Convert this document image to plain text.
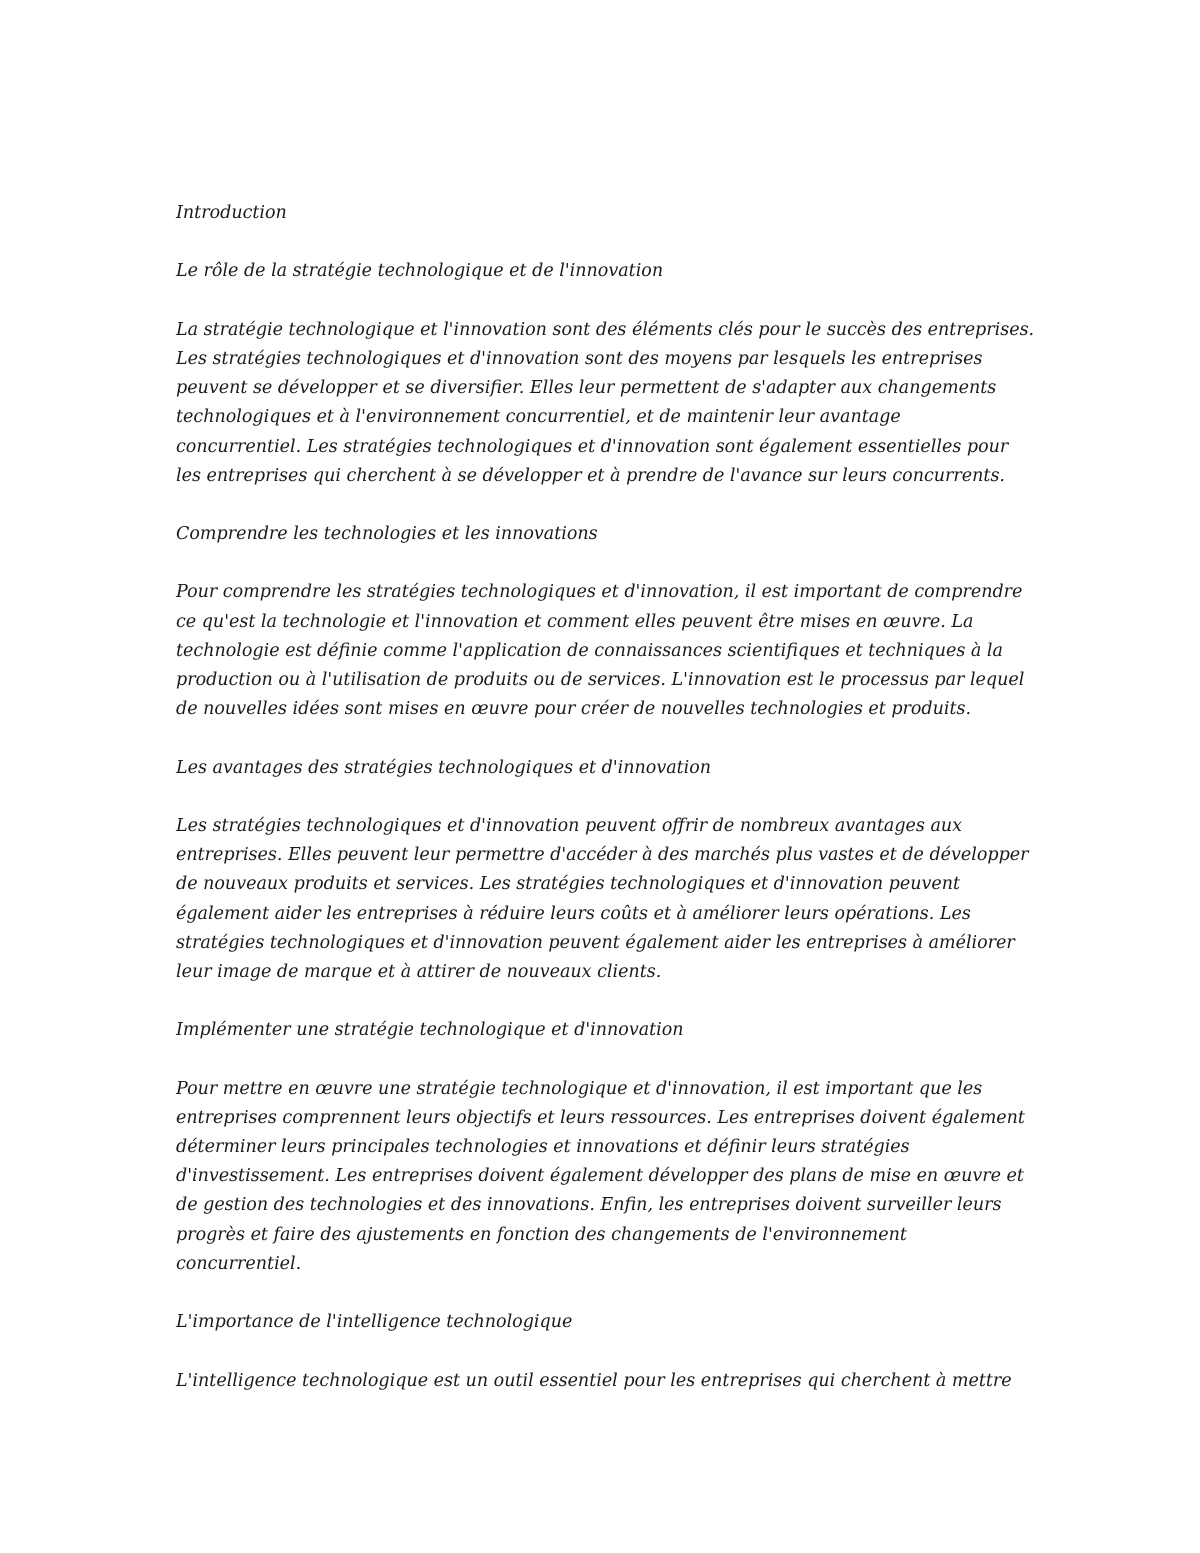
Introduction
Le rôle de la stratégie technologique et de l'innovation
La stratégie technologique et l'innovation sont des éléments clés pour le succès des entreprises.
Les stratégies technologiques et d'innovation sont des moyens par lesquels les entreprises
peuvent se développer et se diversifier. Elles leur permettent de s'adapter aux changements
technologiques et à l'environnement concurrentiel, et de maintenir leur avantage
concurrentiel. Les stratégies technologiques et d'innovation sont également essentielles pour
les entreprises qui cherchent à se développer et à prendre de l'avance sur leurs concurrents.
Comprendre les technologies et les innovations
Pour comprendre les stratégies technologiques et d'innovation, il est important de comprendre
ce qu'est la technologie et l'innovation et comment elles peuvent être mises en œuvre. La
technologie est définie comme l'application de connaissances scientifiques et techniques à la
production ou à l'utilisation de produits ou de services. L'innovation est le processus par lequel
de nouvelles idées sont mises en œuvre pour créer de nouvelles technologies et produits.
Les avantages des stratégies technologiques et d'innovation
Les stratégies technologiques et d'innovation peuvent offrir de nombreux avantages aux
entreprises. Elles peuvent leur permettre d'accéder à des marchés plus vastes et de développer
de nouveaux produits et services. Les stratégies technologiques et d'innovation peuvent
également aider les entreprises à réduire leurs coûts et à améliorer leurs opérations. Les
stratégies technologiques et d'innovation peuvent également aider les entreprises à améliorer
leur image de marque et à attirer de nouveaux clients.
Implémenter une stratégie technologique et d'innovation
Pour mettre en œuvre une stratégie technologique et d'innovation, il est important que les
entreprises comprennent leurs objectifs et leurs ressources. Les entreprises doivent également
déterminer leurs principales technologies et innovations et définir leurs stratégies
d'investissement. Les entreprises doivent également développer des plans de mise en œuvre et
de gestion des technologies et des innovations. Enfin, les entreprises doivent surveiller leurs
progrès et faire des ajustements en fonction des changements de l'environnement
concurrentiel.
L'importance de l'intelligence technologique
L'intelligence technologique est un outil essentiel pour les entreprises qui cherchent à mettre
